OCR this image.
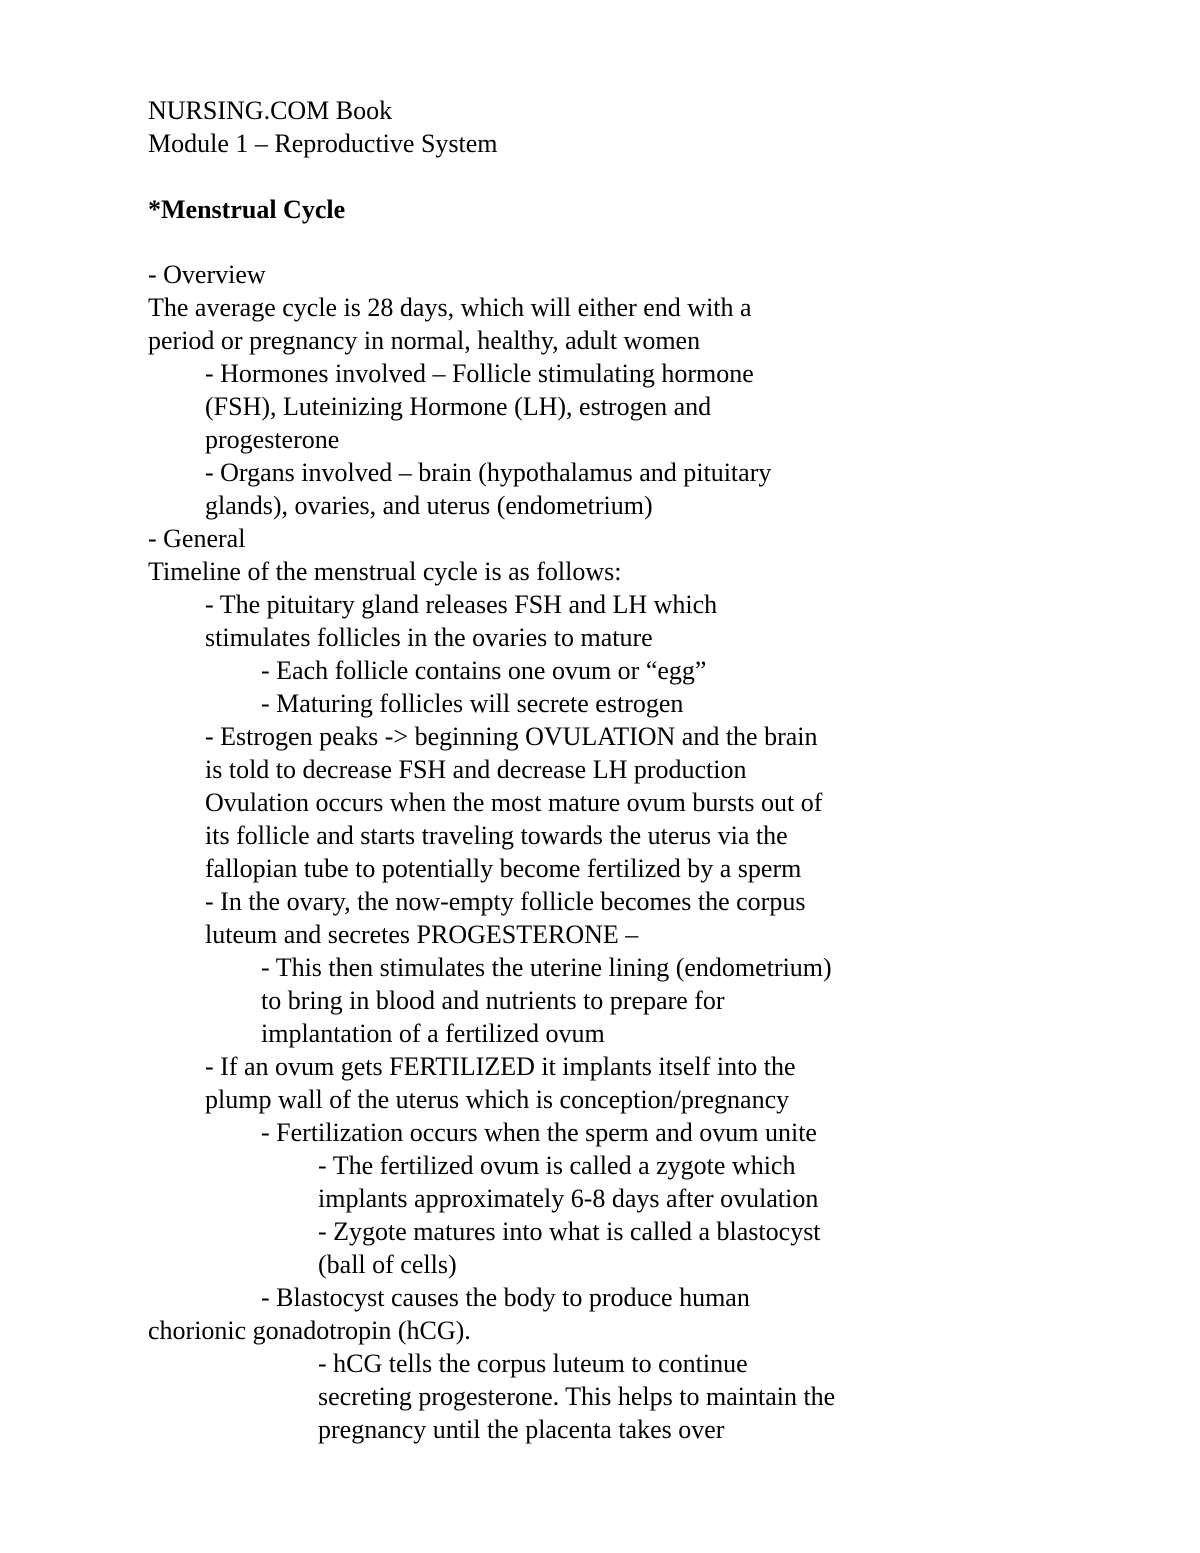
NURSING.COM Book

Module 1 – Reproductive System

*Menstrual Cycle

- Overview

The average cycle is 28 days, which will either end with a

period or pregnancy in normal, healthy, adult women

- Hormones involved – Follicle stimulating hormone

(FSH), Luteinizing Hormone (LH), estrogen and

progesterone

- Organs involved – brain (hypothalamus and pituitary

glands), ovaries, and uterus (endometrium)

- General

Timeline of the menstrual cycle is as follows:

- The pituitary gland releases FSH and LH which

stimulates follicles in the ovaries to mature

- Each follicle contains one ovum or “egg”

- Maturing follicles will secrete estrogen

- Estrogen peaks -> beginning OVULATION and the brain

is told to decrease FSH and decrease LH production

Ovulation occurs when the most mature ovum bursts out of

its follicle and starts traveling towards the uterus via the

fallopian tube to potentially become fertilized by a sperm

- In the ovary, the now-empty follicle becomes the corpus

luteum and secretes PROGESTERONE –

- This then stimulates the uterine lining (endometrium)

to bring in blood and nutrients to prepare for

implantation of a fertilized ovum

- If an ovum gets FERTILIZED it implants itself into the

plump wall of the uterus which is conception/pregnancy

- Fertilization occurs when the sperm and ovum unite

- The fertilized ovum is called a zygote which

implants approximately 6-8 days after ovulation

- Zygote matures into what is called a blastocyst

(ball of cells)

- Blastocyst causes the body to produce human

chorionic gonadotropin (hCG).

- hCG tells the corpus luteum to continue

secreting progesterone. This helps to maintain the

pregnancy until the placenta takes over
